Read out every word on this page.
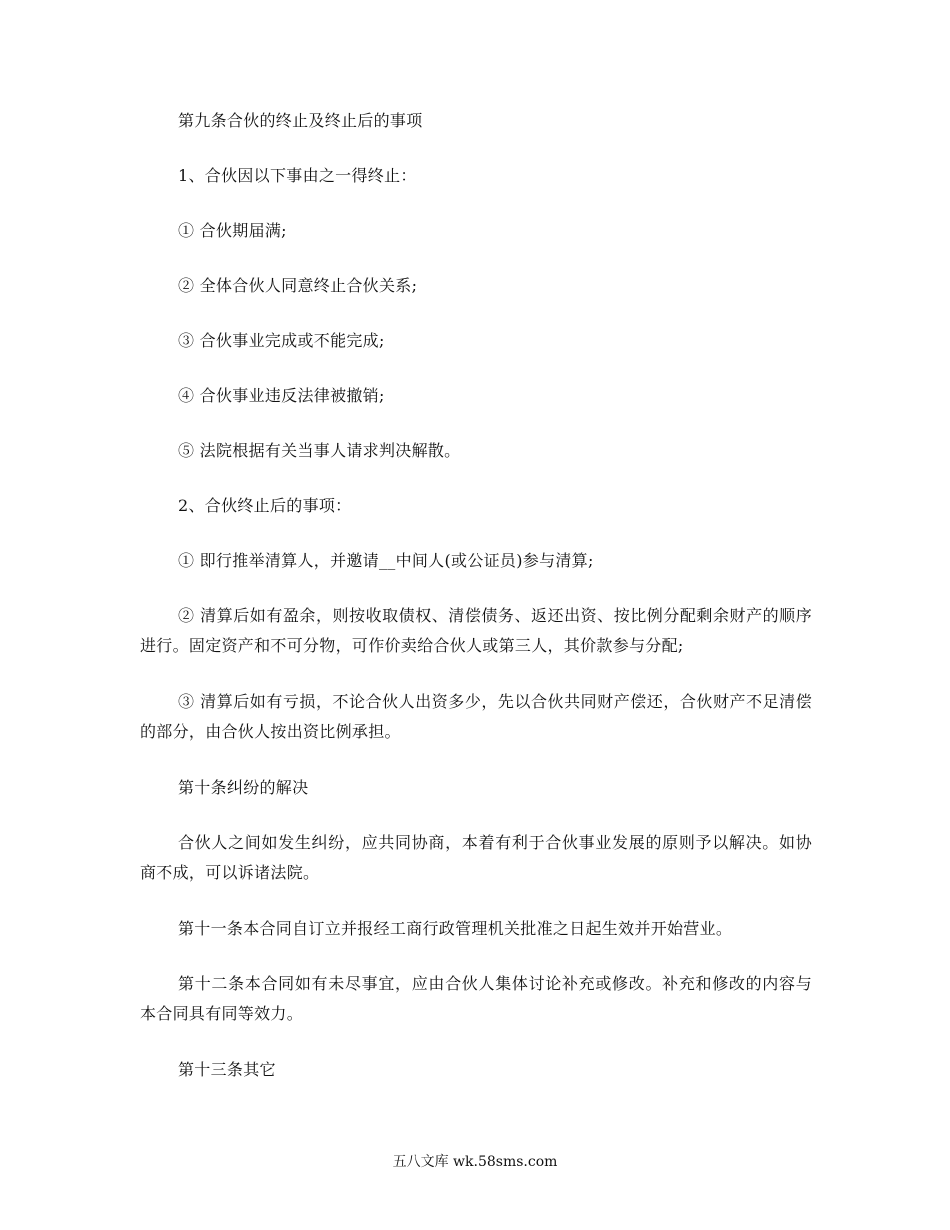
第九条合伙的终止及终止后的事项

1、合伙因以下事由之一得终止：

① 合伙期届满;

② 全体合伙人同意终止合伙关系;

③ 合伙事业完成或不能完成;

④ 合伙事业违反法律被撤销;

⑤ 法院根据有关当事人请求判决解散。

2、合伙终止后的事项：

① 即行推举清算人，并邀请__中间人(或公证员)参与清算;

② 清算后如有盈余，则按收取债权、清偿债务、返还出资、按比例分配剩余财产的顺序进行。固定资产和不可分物，可作价卖给合伙人或第三人，其价款参与分配;

③ 清算后如有亏损，不论合伙人出资多少，先以合伙共同财产偿还，合伙财产不足清偿的部分，由合伙人按出资比例承担。

第十条纠纷的解决

合伙人之间如发生纠纷，应共同协商，本着有利于合伙事业发展的原则予以解决。如协商不成，可以诉诸法院。

第十一条本合同自订立并报经工商行政管理机关批准之日起生效并开始营业。

第十二条本合同如有未尽事宜，应由合伙人集体讨论补充或修改。补充和修改的内容与本合同具有同等效力。

第十三条其它

五八文库 wk.58sms.com
